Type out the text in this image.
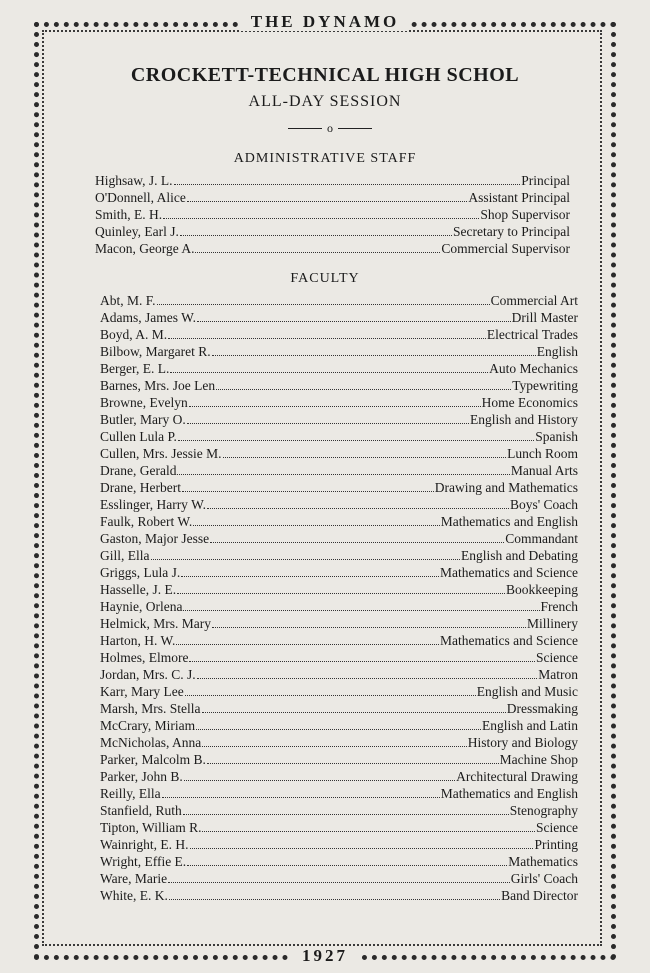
THE DYNAMO
CROCKETT-TECHNICAL HIGH SCHOL
ALL-DAY SESSION
o
ADMINISTRATIVE STAFF
Highsaw, J. L.	Principal
O'Donnell, Alice	Assistant Principal
Smith, E. H.	Shop Supervisor
Quinley, Earl J.	Secretary to Principal
Macon, George A.	Commercial Supervisor
FACULTY
Abt, M. F.	Commercial Art
Adams, James W.	Drill Master
Boyd, A. M.	Electrical Trades
Bilbow, Margaret R.	English
Berger, E. L.	Auto Mechanics
Barnes, Mrs. Joe Len	Typewriting
Browne, Evelyn	Home Economics
Butler, Mary O.	English and History
Cullen Lula P.	Spanish
Cullen, Mrs. Jessie M.	Lunch Room
Drane, Gerald	Manual Arts
Drane, Herbert	Drawing and Mathematics
Esslinger, Harry W.	Boys' Coach
Faulk, Robert W.	Mathematics and English
Gaston, Major Jesse	Commandant
Gill, Ella	English and Debating
Griggs, Lula J.	Mathematics and Science
Hasselle, J. E.	Bookkeeping
Haynie, Orlena	French
Helmick, Mrs. Mary	Millinery
Harton, H. W.	Mathematics and Science
Holmes, Elmore	Science
Jordan, Mrs. C. J.	Matron
Karr, Mary Lee	English and Music
Marsh, Mrs. Stella	Dressmaking
McCrary, Miriam	English and Latin
McNicholas, Anna	History and Biology
Parker, Malcolm B.	Machine Shop
Parker, John B.	Architectural Drawing
Reilly, Ella	Mathematics and English
Stanfield, Ruth	Stenography
Tipton, William R.	Science
Wainright, E. H.	Printing
Wright, Effie E.	Mathematics
Ware, Marie	Girls' Coach
White, E. K.	Band Director
1927
